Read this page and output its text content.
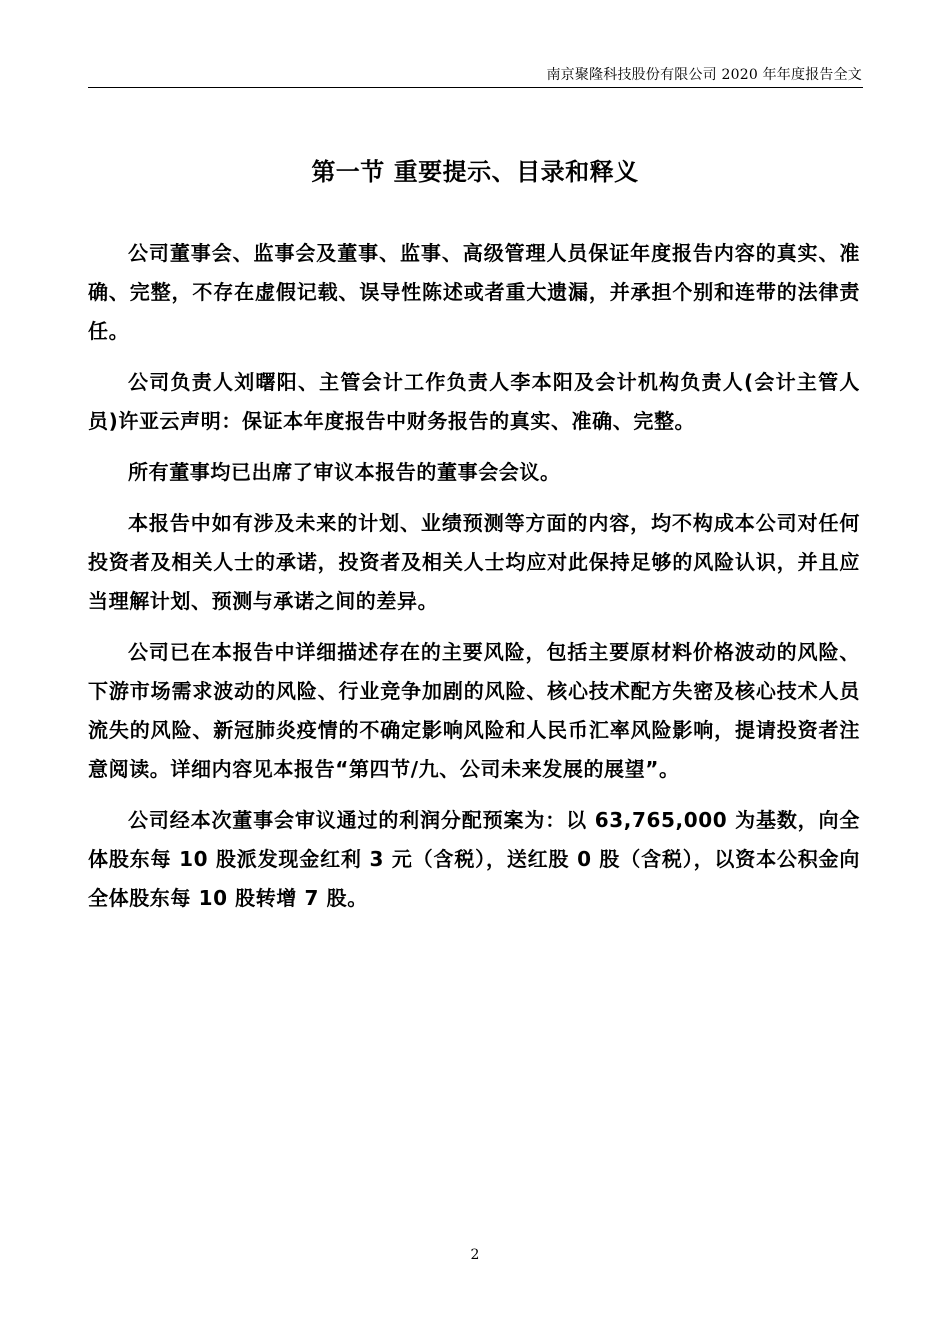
南京聚隆科技股份有限公司 2020 年年度报告全文
第一节 重要提示、目录和释义

公司董事会、监事会及董事、监事、高级管理人员保证年度报告内容的真实、准确、完整，不存在虚假记载、误导性陈述或者重大遗漏，并承担个别和连带的法律责任。

公司负责人刘曙阳、主管会计工作负责人李本阳及会计机构负责人(会计主管人员)许亚云声明：保证本年度报告中财务报告的真实、准确、完整。

所有董事均已出席了审议本报告的董事会会议。

本报告中如有涉及未来的计划、业绩预测等方面的内容，均不构成本公司对任何投资者及相关人士的承诺，投资者及相关人士均应对此保持足够的风险认识，并且应当理解计划、预测与承诺之间的差异。

公司已在本报告中详细描述存在的主要风险，包括主要原材料价格波动的风险、下游市场需求波动的风险、行业竞争加剧的风险、核心技术配方失密及核心技术人员流失的风险、新冠肺炎疫情的不确定影响风险和人民币汇率风险影响，提请投资者注意阅读。详细内容见本报告“第四节/九、公司未来发展的展望”。

公司经本次董事会审议通过的利润分配预案为：以 63,765,000 为基数，向全体股东每 10 股派发现金红利 3 元（含税），送红股 0 股（含税），以资本公积金向全体股东每 10 股转增 7 股。

2
